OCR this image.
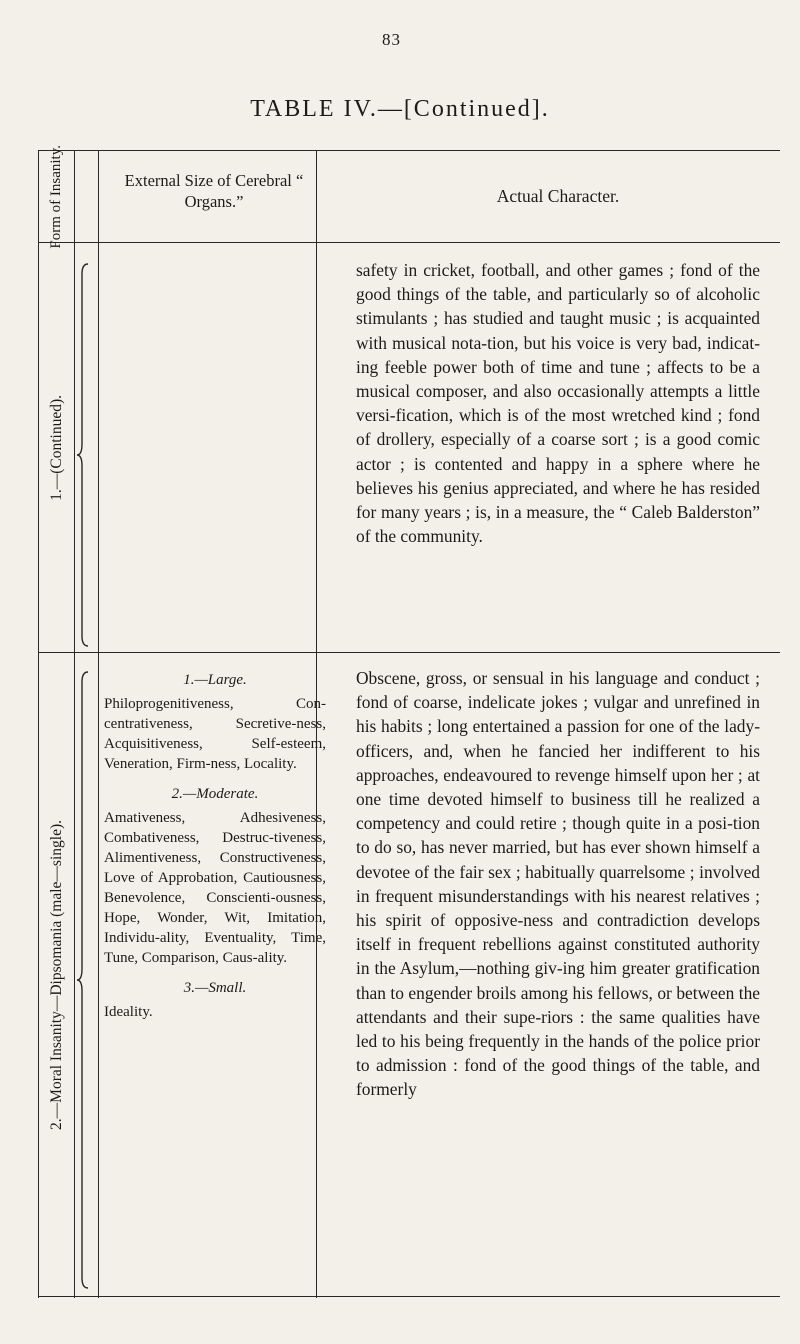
83
TABLE IV.—[Continued].
Form of Insanity.	External Size of Cerebral “ Organs.”	Actual Character.
1.—(Continued).
safety in cricket, football, and other games ; fond of the good things of the table, and particularly so of alcoholic stimulants ; has studied and taught music ; is acquainted with musical nota-tion, but his voice is very bad, indicat-ing feeble power both of time and tune ; affects to be a musical composer, and also occasionally attempts a little versi-fication, which is of the most wretched kind ; fond of drollery, especially of a coarse sort ; is a good comic actor ; is contented and happy in a sphere where he believes his genius appreciated, and where he has resided for many years ; is, in a measure, the “ Caleb Balderston” of the community.
2.—Moral Insanity—Dipsomania (male—single).
1.—Large.
Philoprogenitiveness, Con-centrativeness, Secretive-ness, Acquisitiveness, Self-esteem, Veneration, Firm-ness, Locality.
2.—Moderate.
Amativeness, Adhesiveness, Combativeness, Destruc-tiveness, Alimentiveness, Constructiveness, Love of Approbation, Cautiousness, Benevolence, Conscienti-ousness, Hope, Wonder, Wit, Imitation, Individu-ality, Eventuality, Time, Tune, Comparison, Caus-ality.
3.—Small.
Ideality.
Obscene, gross, or sensual in his language and conduct ; fond of coarse, indelicate jokes ; vulgar and unrefined in his habits ; long entertained a passion for one of the lady-officers, and, when he fancied her indifferent to his approaches, endeavoured to revenge himself upon her ; at one time devoted himself to business till he realized a competency and could retire ; though quite in a posi-tion to do so, has never married, but has ever shown himself a devotee of the fair sex ; habitually quarrelsome ; involved in frequent misunderstandings with his nearest relatives ; his spirit of opposive-ness and contradiction develops itself in frequent rebellions against constituted authority in the Asylum,—nothing giv-ing him greater gratification than to engender broils among his fellows, or between the attendants and their supe-riors : the same qualities have led to his being frequently in the hands of the police prior to admission : fond of the good things of the table, and formerly
